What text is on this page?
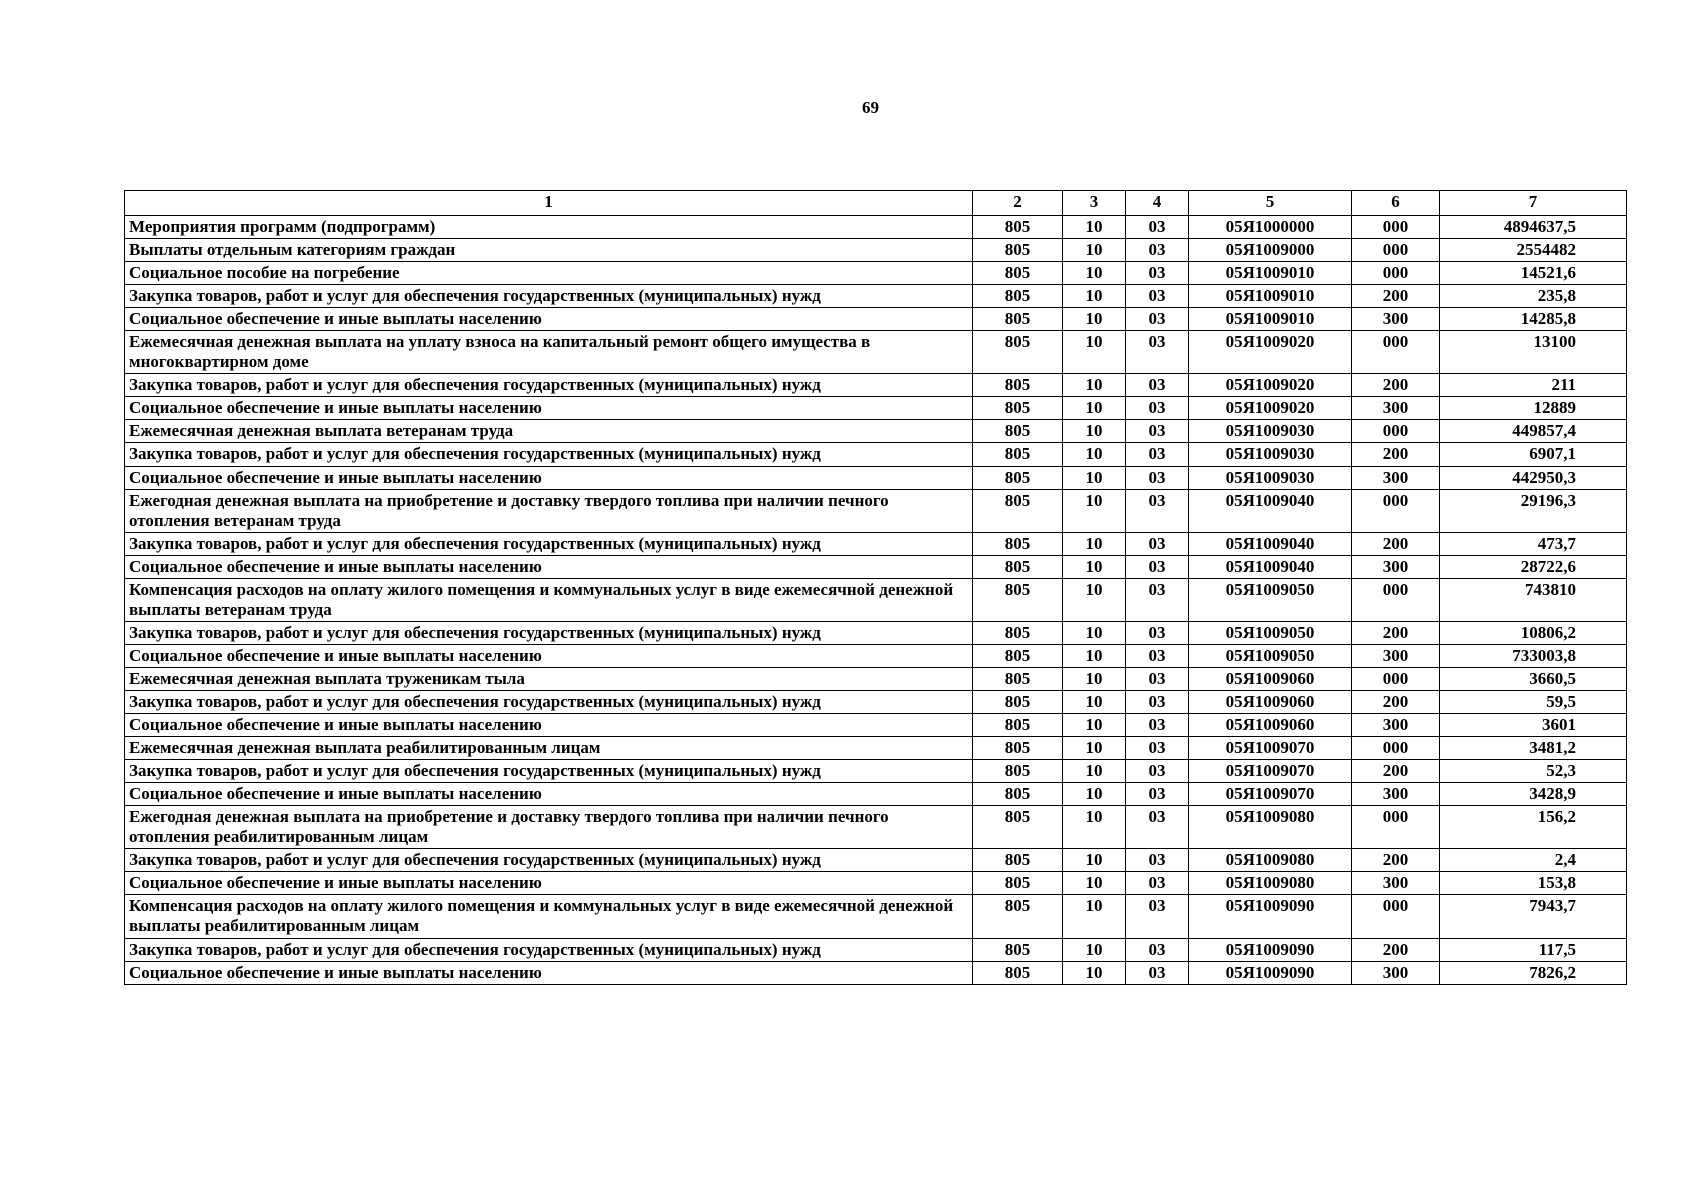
69
1	2	3	4	5	6	7
Мероприятия программ (подпрограмм)	805	10	03	05Я1000000	000	4894637,5
Выплаты отдельным категориям граждан	805	10	03	05Я1009000	000	2554482
Социальное пособие на погребение	805	10	03	05Я1009010	000	14521,6
Закупка товаров, работ и услуг для обеспечения государственных (муниципальных) нужд	805	10	03	05Я1009010	200	235,8
Социальное обеспечение и иные выплаты населению	805	10	03	05Я1009010	300	14285,8
Ежемесячная денежная выплата на уплату взноса на капитальный ремонт общего имущества в многоквартирном доме	805	10	03	05Я1009020	000	13100
Закупка товаров, работ и услуг для обеспечения государственных (муниципальных) нужд	805	10	03	05Я1009020	200	211
Социальное обеспечение и иные выплаты населению	805	10	03	05Я1009020	300	12889
Ежемесячная денежная выплата ветеранам труда	805	10	03	05Я1009030	000	449857,4
Закупка товаров, работ и услуг для обеспечения государственных (муниципальных) нужд	805	10	03	05Я1009030	200	6907,1
Социальное обеспечение и иные выплаты населению	805	10	03	05Я1009030	300	442950,3
Ежегодная денежная выплата на приобретение и доставку твердого топлива при наличии печного отопления ветеранам труда	805	10	03	05Я1009040	000	29196,3
Закупка товаров, работ и услуг для обеспечения государственных (муниципальных) нужд	805	10	03	05Я1009040	200	473,7
Социальное обеспечение и иные выплаты населению	805	10	03	05Я1009040	300	28722,6
Компенсация расходов на оплату жилого помещения и коммунальных услуг в виде ежемесячной денежной выплаты ветеранам труда	805	10	03	05Я1009050	000	743810
Закупка товаров, работ и услуг для обеспечения государственных (муниципальных) нужд	805	10	03	05Я1009050	200	10806,2
Социальное обеспечение и иные выплаты населению	805	10	03	05Я1009050	300	733003,8
Ежемесячная денежная выплата труженикам тыла	805	10	03	05Я1009060	000	3660,5
Закупка товаров, работ и услуг для обеспечения государственных (муниципальных) нужд	805	10	03	05Я1009060	200	59,5
Социальное обеспечение и иные выплаты населению	805	10	03	05Я1009060	300	3601
Ежемесячная денежная выплата реабилитированным лицам	805	10	03	05Я1009070	000	3481,2
Закупка товаров, работ и услуг для обеспечения государственных (муниципальных) нужд	805	10	03	05Я1009070	200	52,3
Социальное обеспечение и иные выплаты населению	805	10	03	05Я1009070	300	3428,9
Ежегодная денежная выплата на приобретение и доставку твердого топлива при наличии печного отопления реабилитированным лицам	805	10	03	05Я1009080	000	156,2
Закупка товаров, работ и услуг для обеспечения государственных (муниципальных) нужд	805	10	03	05Я1009080	200	2,4
Социальное обеспечение и иные выплаты населению	805	10	03	05Я1009080	300	153,8
Компенсация расходов на оплату жилого помещения и коммунальных услуг в виде ежемесячной денежной выплаты реабилитированным лицам	805	10	03	05Я1009090	000	7943,7
Закупка товаров, работ и услуг для обеспечения государственных (муниципальных) нужд	805	10	03	05Я1009090	200	117,5
Социальное обеспечение и иные выплаты населению	805	10	03	05Я1009090	300	7826,2
